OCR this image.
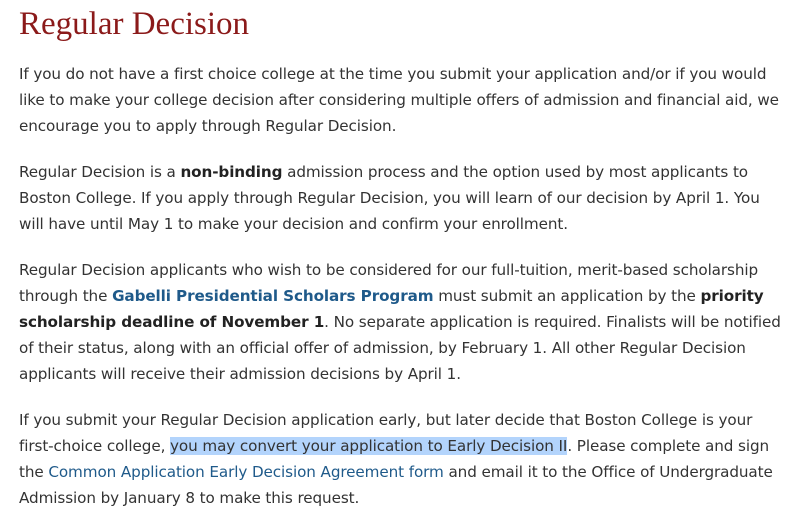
Regular Decision

If you do not have a first choice college at the time you submit your application and/or if you would like to make your college decision after considering multiple offers of admission and financial aid, we encourage you to apply through Regular Decision.

Regular Decision is a non-binding admission process and the option used by most applicants to Boston College. If you apply through Regular Decision, you will learn of our decision by April 1. You will have until May 1 to make your decision and confirm your enrollment.

Regular Decision applicants who wish to be considered for our full-tuition, merit-based scholarship through the Gabelli Presidential Scholars Program must submit an application by the priority scholarship deadline of November 1. No separate application is required. Finalists will be notified of their status, along with an official offer of admission, by February 1. All other Regular Decision applicants will receive their admission decisions by April 1.

If you submit your Regular Decision application early, but later decide that Boston College is your first-choice college, you may convert your application to Early Decision II. Please complete and sign the Common Application Early Decision Agreement form and email it to the Office of Undergraduate Admission by January 8 to make this request.
